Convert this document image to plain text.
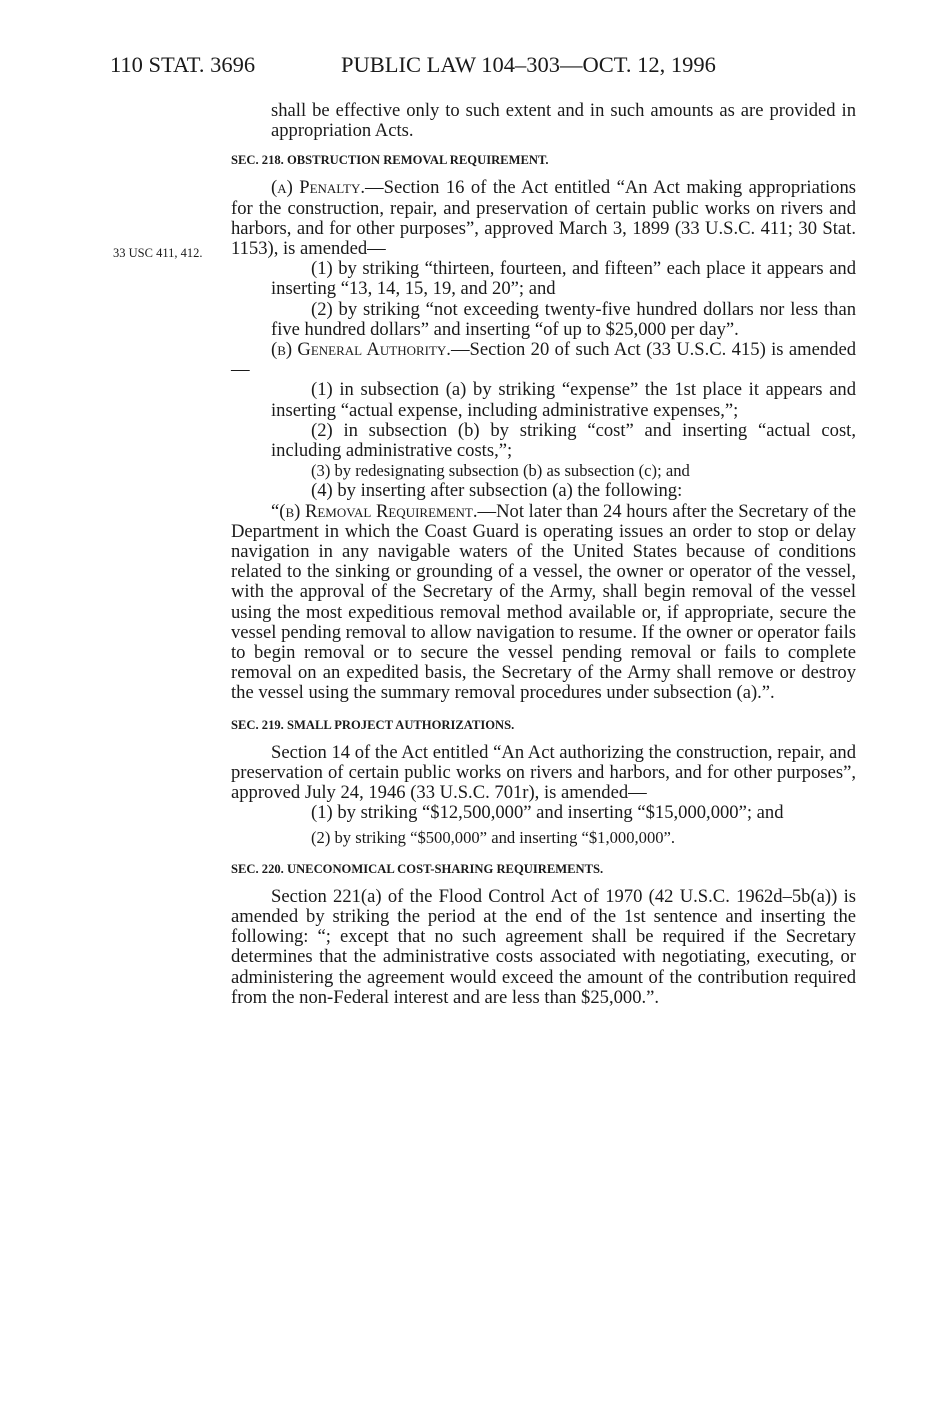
110 STAT. 3696	PUBLIC LAW 104–303—OCT. 12, 1996
33 USC 411, 412.

shall be effective only to such extent and in such amounts as are provided in appropriation Acts.

SEC. 218. OBSTRUCTION REMOVAL REQUIREMENT.

(a) Penalty.—Section 16 of the Act entitled “An Act making appropriations for the construction, repair, and preservation of certain public works on rivers and harbors, and for other purposes”, approved March 3, 1899 (33 U.S.C. 411; 30 Stat. 1153), is amended—

(1) by striking “thirteen, fourteen, and fifteen” each place it appears and inserting “13, 14, 15, 19, and 20”; and

(2) by striking “not exceeding twenty-five hundred dollars nor less than five hundred dollars” and inserting “of up to $25,000 per day”.

(b) General Authority.—Section 20 of such Act (33 U.S.C. 415) is amended—

(1) in subsection (a) by striking “expense” the 1st place it appears and inserting “actual expense, including administrative expenses,”;

(2) in subsection (b) by striking “cost” and inserting “actual cost, including administrative costs,”;

(3) by redesignating subsection (b) as subsection (c); and

(4) by inserting after subsection (a) the following:

“(b) Removal Requirement.—Not later than 24 hours after the Secretary of the Department in which the Coast Guard is operating issues an order to stop or delay navigation in any navigable waters of the United States because of conditions related to the sinking or grounding of a vessel, the owner or operator of the vessel, with the approval of the Secretary of the Army, shall begin removal of the vessel using the most expeditious removal method available or, if appropriate, secure the vessel pending removal to allow navigation to resume. If the owner or operator fails to begin removal or to secure the vessel pending removal or fails to complete removal on an expedited basis, the Secretary of the Army shall remove or destroy the vessel using the summary removal procedures under subsection (a).”.

SEC. 219. SMALL PROJECT AUTHORIZATIONS.

Section 14 of the Act entitled “An Act authorizing the construction, repair, and preservation of certain public works on rivers and harbors, and for other purposes”, approved July 24, 1946 (33 U.S.C. 701r), is amended—

(1) by striking “$12,500,000” and inserting “$15,000,000”; and

(2) by striking “$500,000” and inserting “$1,000,000”.

SEC. 220. UNECONOMICAL COST-SHARING REQUIREMENTS.

Section 221(a) of the Flood Control Act of 1970 (42 U.S.C. 1962d–5b(a)) is amended by striking the period at the end of the 1st sentence and inserting the following: “; except that no such agreement shall be required if the Secretary determines that the administrative costs associated with negotiating, executing, or administering the agreement would exceed the amount of the contribution required from the non-Federal interest and are less than $25,000.”.
